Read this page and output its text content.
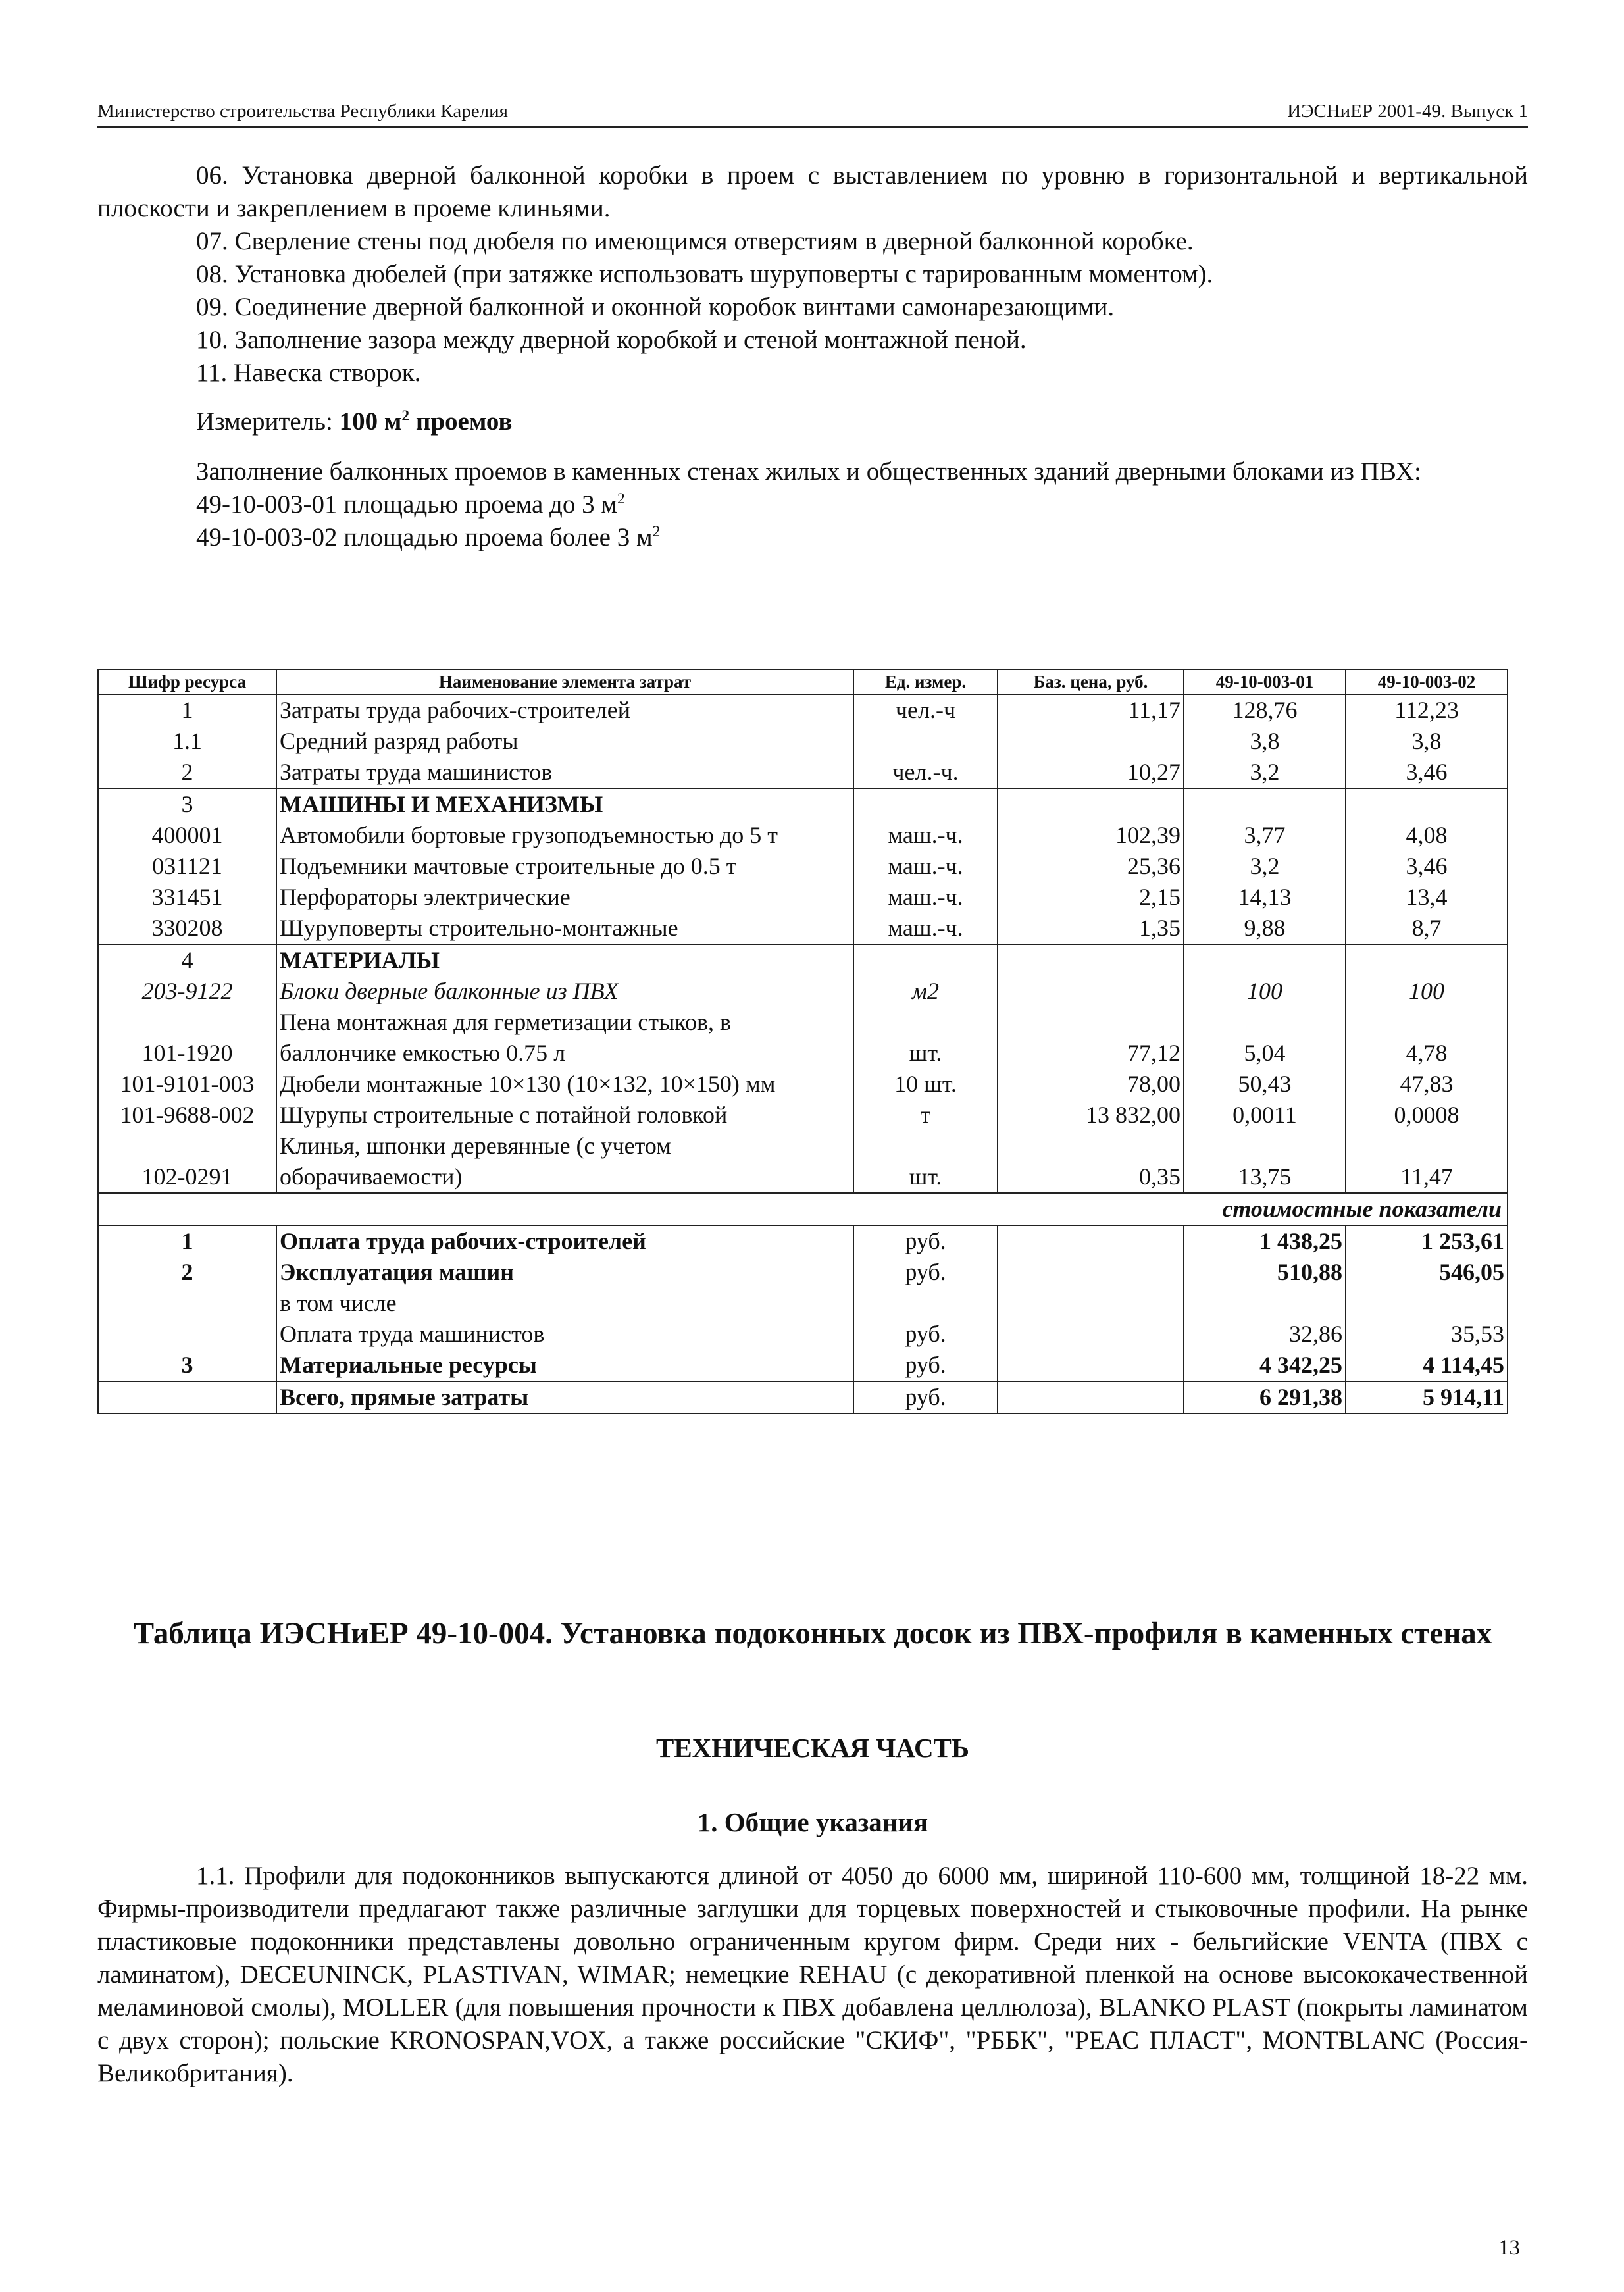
Министерство строительства Республики Карелия	ИЭСНиЕР 2001-49. Выпуск 1

06. Установка дверной балконной коробки в проем с выставлением по уровню в горизонтальной и вертикальной плоскости и закреплением в проеме клиньями.

07. Сверление стены под дюбеля по имеющимся отверстиям в дверной балконной коробке.

08. Установка дюбелей (при затяжке использовать шуруповерты с тарированным моментом).

09. Соединение дверной балконной и оконной коробок винтами самонарезающими.

10. Заполнение зазора между дверной коробкой и стеной монтажной пеной.

11. Навеска створок.

Измеритель: 100 $м^2$ проемов

Заполнение балконных проемов в каменных стенах жилых и общественных зданий дверными блоками из ПВХ:

49-10-003-01 площадью проема до 3 $м^2$

49-10-003-02 площадью проема более 3 $м^2$

Шифр ресурса	Наименование элемента затрат	Ед. измер.	Баз. цена, руб.	49-10-003-01	49-10-003-02
1	Затраты труда рабочих-строителей	чел.-ч	11,17	128,76	112,23
1.1	Средний разряд работы			3,8	3,8
2	Затраты труда машинистов	чел.-ч.	10,27	3,2	3,46
3	МАШИНЫ И МЕХАНИЗМЫ				
400001	Автомобили бортовые грузоподъемностью до 5 т	маш.-ч.	102,39	3,77	4,08
031121	Подъемники мачтовые строительные до 0.5 т	маш.-ч.	25,36	3,2	3,46
331451	Перфораторы электрические	маш.-ч.	2,15	14,13	13,4
330208	Шуруповерты строительно-монтажные	маш.-ч.	1,35	9,88	8,7
4	МАТЕРИАЛЫ				
203-9122	Блоки дверные балконные из ПВХ	м2		100	100
101-1920	Пена монтажная для герметизации стыков, в баллончике емкостью 0.75 л	шт.	77,12	5,04	4,78
101-9101-003	Дюбели монтажные 10×130 (10×132, 10×150) мм	10 шт.	78,00	50,43	47,83
101-9688-002	Шурупы строительные с потайной головкой	т	13 832,00	0,0011	0,0008
102-0291	Клинья, шпонки деревянные (с учетом оборачиваемости)	шт.	0,35	13,75	11,47
стоимостные показатели					
1	Оплата труда рабочих-строителей	руб.		1 438,25	1 253,61
2	Эксплуатация машин	руб.		510,88	546,05
	в том числе				
	Оплата труда машинистов	руб.		32,86	35,53
3	Материальные ресурсы	руб.		4 342,25	4 114,45
	Всего, прямые затраты	руб.		6 291,38	5 914,11
Таблица ИЭСНиЕР 49-10-004. Установка подоконных досок из ПВХ-профиля в каменных стенах
ТЕХНИЧЕСКАЯ ЧАСТЬ
1. Общие указания
1.1. Профили для подоконников выпускаются длиной от 4050 до 6000 мм, шириной 110-600 мм, толщиной 18-22 мм. Фирмы-производители предлагают также различные заглушки для торцевых поверхностей и стыковочные профили. На рынке пластиковые подоконники представлены довольно ограниченным кругом фирм. Среди них - бельгийские VENTA (ПВХ с ламинатом), DECEUNINCK, PLASTIVAN, WIMAR; немецкие REHAU (с декоративной пленкой на основе высококачественной меламиновой смолы), MOLLER (для повышения прочности к ПВХ добавлена целлюлоза), BLANKO PLAST (покрыты ламинатом с двух сторон); польские KRONOSPAN,VOX, а также российские "СКИФ", "РББК", "РЕАС ПЛАСТ", MONTBLANC (Россия- Великобритания).
13
